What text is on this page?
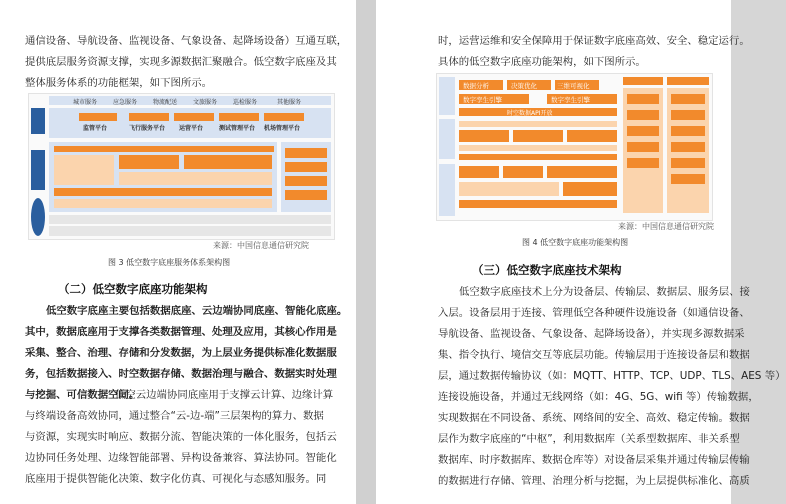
通信设备、导航设备、监视设备、气象设备、起降场设备）互通互联，
提供底层服务资源支撑，实现多源数据汇聚融合。低空数字底座及其
整体服务体系的功能框架，如下图所示。
城市服务	应急服务	物流配送	文旅服务	巡检服务	其他服务
监管平台	飞行服务平台 运营平台	测试管理平台 机场管理平台
来源：中国信息通信研究院
图 3 低空数字底座服务体系架构图
（二）低空数字底座功能架构
低空数字底座主要包括数据底座、云边端协同底座、智能化底座。
其中，数据底座用于支撑各类数据管理、处理及应用，其核心作用是
采集、整合、治理、存储和分发数据，为上层业务提供标准化数据服
务，包括数据接入、时空数据存储、数据治理与融合、数据实时处理
与挖掘、可信数据空间。
低空云边端协同底座用于支撑云计算、边缘计算
与终端设备高效协同，通过整合“云-边-端”三层架构的算力、数据
与资源，实现实时响应、数据分流、智能决策的一体化服务，包括云
边协同任务处理、边缘智能部署、异构设备兼容、算法协同。智能化
底座用于提供智能化决策、数字化仿真、可视化与态感知服务。同
时，运营运维和安全保障用于保证数字底座高效、安全、稳定运行。
具体的低空数字底座功能架构，如下图所示。
数据分析	决策优化	三维可视化
数字孪生引擎	数字孪生引擎
时空数据API开放
来源：中国信息通信研究院
图 4 低空数字底座功能架构图
（三）低空数字底座技术架构
低空数字底座技术上分为设备层、传输层、数据层、服务层、接
入层。设备层用于连接、管理低空各种硬件设施设备（如通信设备、
导航设备、监视设备、气象设备、起降场设备），并实现多源数据采
集、指令执行、境信交互等底层功能。传输层用于连接设备层和数据
层，通过数据传输协议（如：MQTT、HTTP、TCP、UDP、TLS、AES 等）
连接设施设备，并通过无线网络（如：4G、5G、wifi 等）传输数据，
实现数据在不同设备、系统、网络间的安全、高效、稳定传输。数据
层作为数字底座的“中枢”，利用数据库（关系型数据库、非关系型
数据库、时序数据库、数据仓库等）对设备层采集并通过传输层传输
的数据进行存储、管理、治理分析与挖掘，为上层提供标准化、高质
